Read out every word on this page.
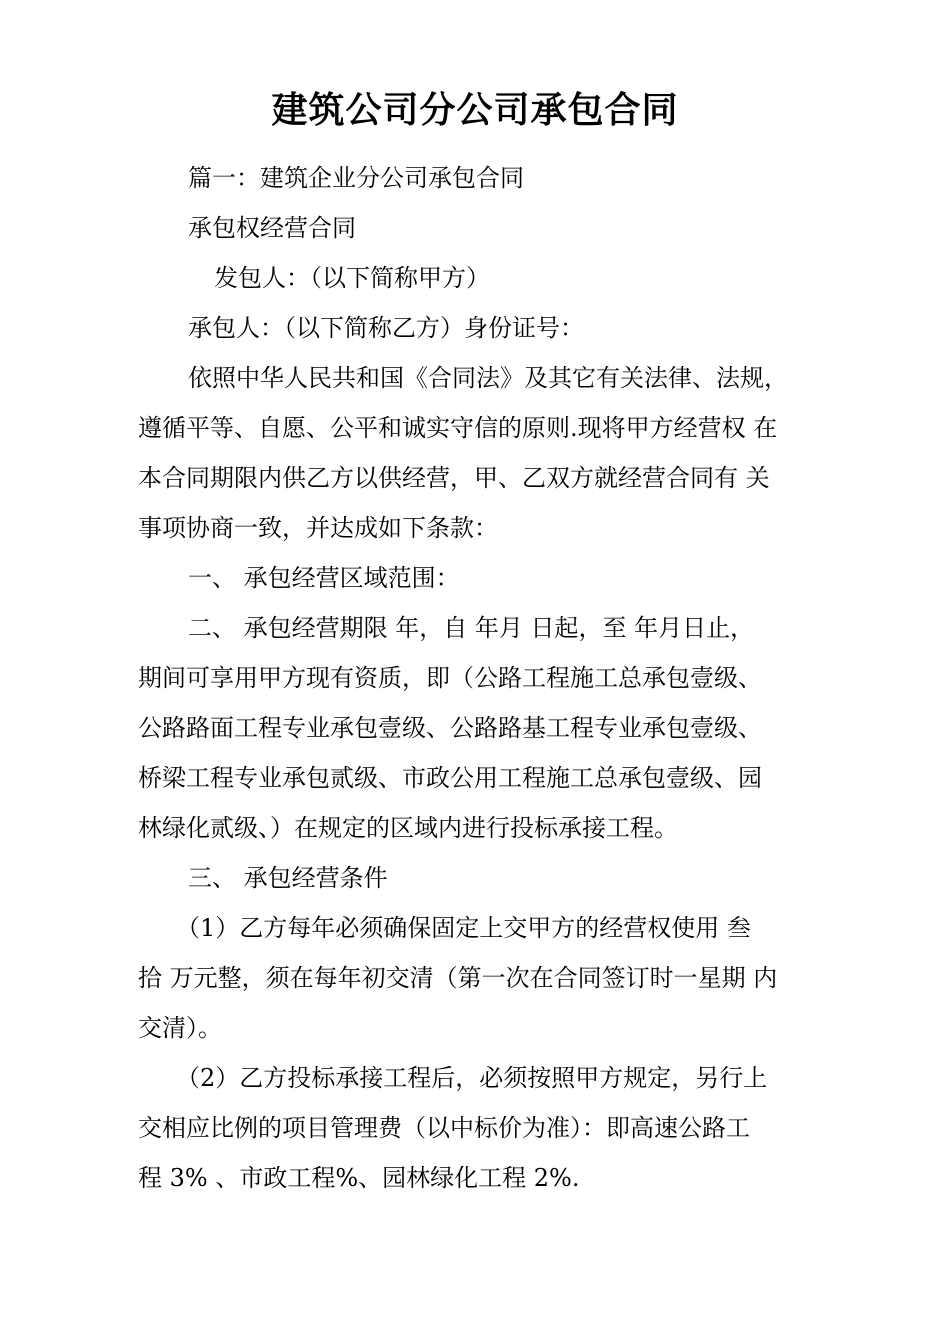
建筑公司分公司承包合同

篇一：建筑企业分公司承包合同

承包权经营合同

发包人：（以下简称甲方）

承包人：（以下简称乙方）身份证号：

依照中华人民共和国《合同法》及其它有关法律、法规，
遵循平等、自愿、公平和诚实守信的原则.现将甲方经营权 在
本合同期限内供乙方以供经营，甲、乙双方就经营合同有 关
事项协商一致，并达成如下条款：

一、 承包经营区域范围：

二、 承包经营期限 年，自 年月 日起，至 年月日止，
期间可享用甲方现有资质，即（公路工程施工总承包壹级、
公路路面工程专业承包壹级、公路路基工程专业承包壹级、
桥梁工程专业承包贰级、市政公用工程施工总承包壹级、园
林绿化贰级、）在规定的区域内进行投标承接工程。

三、 承包经营条件

（1）乙方每年必须确保固定上交甲方的经营权使用 叁
拾 万元整，须在每年初交清（第一次在合同签订时一星期 内
交清）。

（2）乙方投标承接工程后，必须按照甲方规定，另行上
交相应比例的项目管理费（以中标价为准）：即高速公路工
程 3% 、市政工程%、园林绿化工程 2%.
